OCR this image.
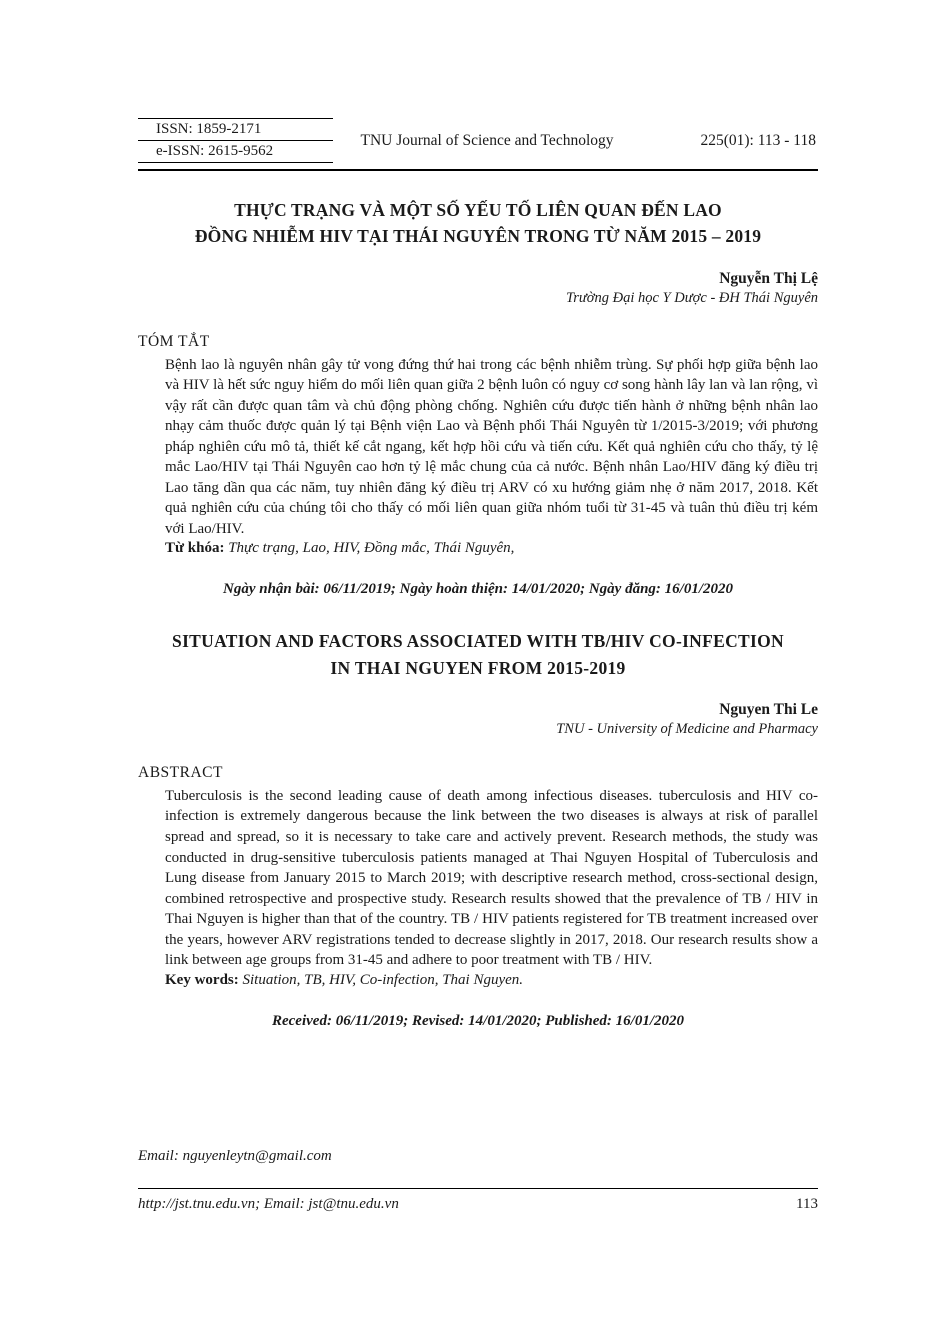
ISSN: 1859-2171
e-ISSN: 2615-9562
TNU Journal of Science and Technology	225(01): 113 - 118
THỰC TRẠNG VÀ MỘT SỐ YẾU TỐ LIÊN QUAN ĐẾN LAO
ĐỒNG NHIỄM HIV TẠI THÁI NGUYÊN TRONG TỪ NĂM 2015 – 2019
Nguyễn Thị Lệ
Trường Đại học Y Dược - ĐH Thái Nguyên
TÓM TẮT
Bệnh lao là nguyên nhân gây tử vong đứng thứ hai trong các bệnh nhiễm trùng. Sự phối hợp giữa bệnh lao và HIV là hết sức nguy hiểm do mối liên quan giữa 2 bệnh luôn có nguy cơ song hành lây lan và lan rộng, vì vậy rất cần được quan tâm và chủ động phòng chống. Nghiên cứu được tiến hành ở những bệnh nhân lao nhạy cảm thuốc được quản lý tại Bệnh viện Lao và Bệnh phổi Thái Nguyên từ 1/2015-3/2019; với phương pháp nghiên cứu mô tả, thiết kế cắt ngang, kết hợp hồi cứu và tiến cứu. Kết quả nghiên cứu cho thấy, tỷ lệ mắc Lao/HIV tại Thái Nguyên cao hơn tỷ lệ mắc chung của cả nước. Bệnh nhân Lao/HIV đăng ký điều trị Lao tăng dần qua các năm, tuy nhiên đăng ký điều trị ARV có xu hướng giảm nhẹ ở năm 2017, 2018. Kết quả nghiên cứu của chúng tôi cho thấy có mối liên quan giữa nhóm tuổi từ 31-45 và tuân thủ điều trị kém với Lao/HIV.
Từ khóa: Thực trạng, Lao, HIV, Đồng mắc, Thái Nguyên,
Ngày nhận bài: 06/11/2019; Ngày hoàn thiện: 14/01/2020; Ngày đăng: 16/01/2020
SITUATION AND FACTORS ASSOCIATED WITH TB/HIV CO-INFECTION
IN THAI NGUYEN FROM 2015-2019
Nguyen Thi Le
TNU - University of Medicine and Pharmacy
ABSTRACT
Tuberculosis is the second leading cause of death among infectious diseases. tuberculosis and HIV co-infection is extremely dangerous because the link between the two diseases is always at risk of parallel spread and spread, so it is necessary to take care and actively prevent. Research methods, the study was conducted in drug-sensitive tuberculosis patients managed at Thai Nguyen Hospital of Tuberculosis and Lung disease from January 2015 to March 2019; with descriptive research method, cross-sectional design, combined retrospective and prospective study. Research results showed that the prevalence of TB / HIV in Thai Nguyen is higher than that of the country. TB / HIV patients registered for TB treatment increased over the years, however ARV registrations tended to decrease slightly in 2017, 2018. Our research results show a link between age groups from 31-45 and adhere to poor treatment with TB / HIV.
Key words: Situation, TB, HIV, Co-infection, Thai Nguyen.
Received: 06/11/2019; Revised: 14/01/2020; Published: 16/01/2020
Email: nguyenleytn@gmail.com
http://jst.tnu.edu.vn; Email: jst@tnu.edu.vn	113
